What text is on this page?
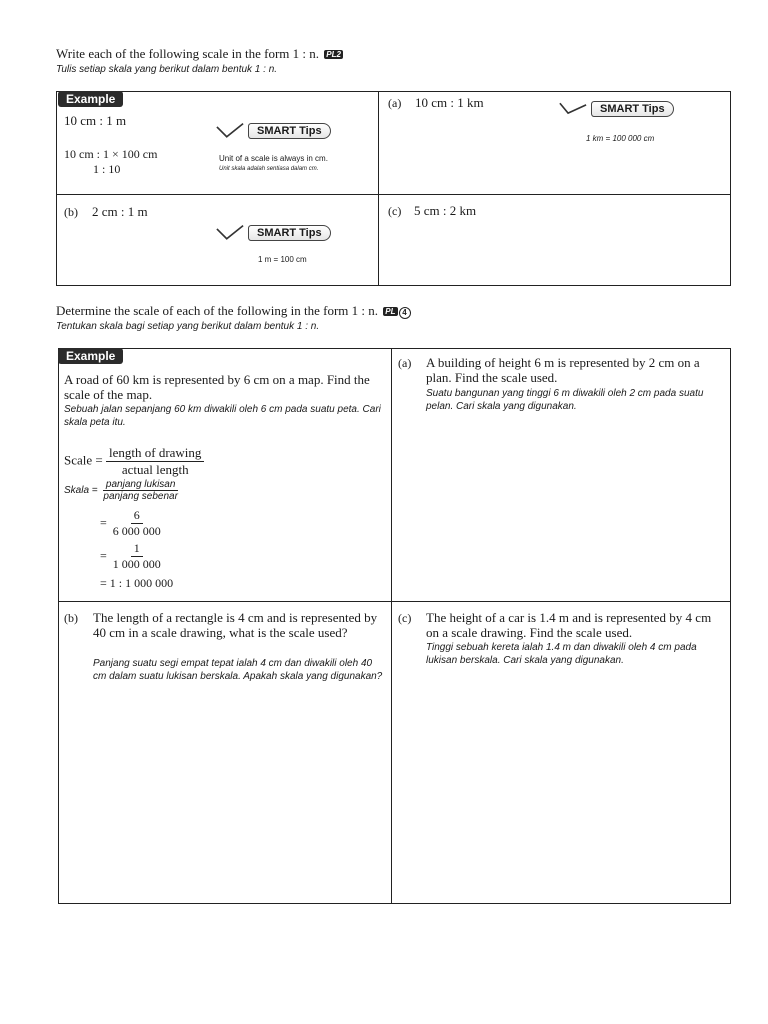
Write each of the following scale in the form 1 : n. PL2
Tulis setiap skala yang berikut dalam bentuk 1 : n.
Example
10 cm : 1 m
10 cm : 1 × 100 cm
1 : 10
SMART Tips
Unit of a scale is always in cm.
Unit skala adalah sentiasa dalam cm.
(a) 10 cm : 1 km	SMART Tips
1 km = 100 000 cm
(b) 2 cm : 1 m
SMART Tips
1 m = 100 cm
(c) 5 cm : 2 km
Determine the scale of each of the following in the form 1 : n. PL 4
Tentukan skala bagi setiap yang berikut dalam bentuk 1 : n.
Example
A road of 60 km is represented by 6 cm on a map. Find the scale of the map.
Sebuah jalan sepanjang 60 km diwakili oleh 6 cm pada suatu peta. Cari skala peta itu.
Scale = $\frac{\text{length of drawing}}{\text{actual length}}$
Skala = $\frac{\text{panjang lukisan}}{\text{panjang sebenar}}$
= $\frac{6}{6 000 000}$
= $\frac{1}{1 000 000}$
= 1 : 1 000 000
(a) A building of height 6 m is represented by 2 cm on a plan. Find the scale used.
Suatu bangunan yang tinggi 6 m diwakili oleh 2 cm pada suatu pelan. Cari skala yang digunakan.
(b) The length of a rectangle is 4 cm and is represented by 40 cm in a scale drawing, what is the scale used?
Panjang suatu segi empat tepat ialah 4 cm dan diwakili oleh 40 cm dalam suatu lukisan berskala. Apakah skala yang digunakan?
(c) The height of a car is 1.4 m and is represented by 4 cm on a scale drawing. Find the scale used.
Tinggi sebuah kereta ialah 1.4 m dan diwakili oleh 4 cm pada lukisan berskala. Cari skala yang digunakan.
